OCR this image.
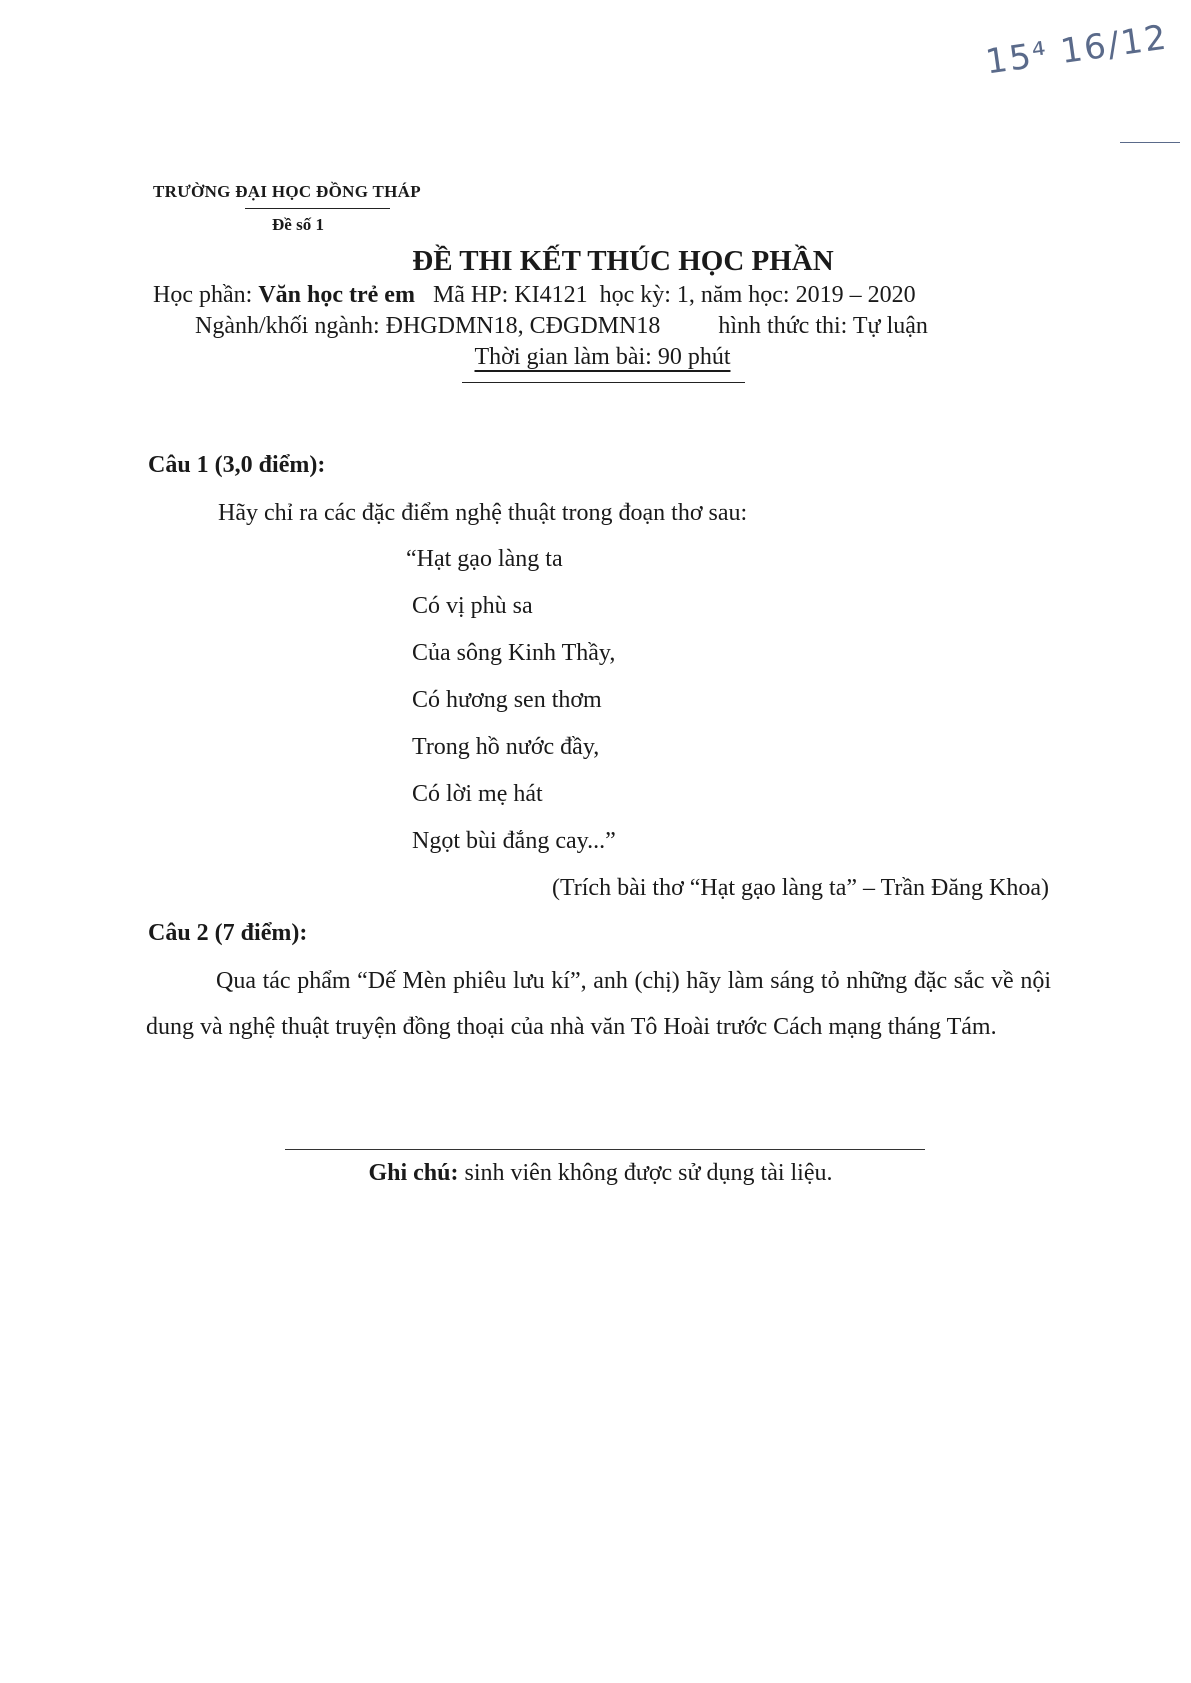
15⁴ 16/12
TRƯỜNG ĐẠI HỌC ĐỒNG THÁP
Đề số 1
ĐỀ THI KẾT THÚC HỌC PHẦN
Học phần: Văn học trẻ em Mã HP: KI4121 học kỳ: 1, năm học: 2019 – 2020
Ngành/khối ngành: ĐHGDMN18, CĐGDMN18 hình thức thi: Tự luận
Thời gian làm bài: 90 phút
Câu 1 (3,0 điểm):
Hãy chỉ ra các đặc điểm nghệ thuật trong đoạn thơ sau:
“Hạt gạo làng ta
Có vị phù sa
Của sông Kinh Thầy,
Có hương sen thơm
Trong hồ nước đầy,
Có lời mẹ hát
Ngọt bùi đắng cay...”
(Trích bài thơ “Hạt gạo làng ta” – Trần Đăng Khoa)
Câu 2 (7 điểm):
Qua tác phẩm “Dế Mèn phiêu lưu kí”, anh (chị) hãy làm sáng tỏ những đặc sắc về nội dung và nghệ thuật truyện đồng thoại của nhà văn Tô Hoài trước Cách mạng tháng Tám.
Ghi chú: sinh viên không được sử dụng tài liệu.
